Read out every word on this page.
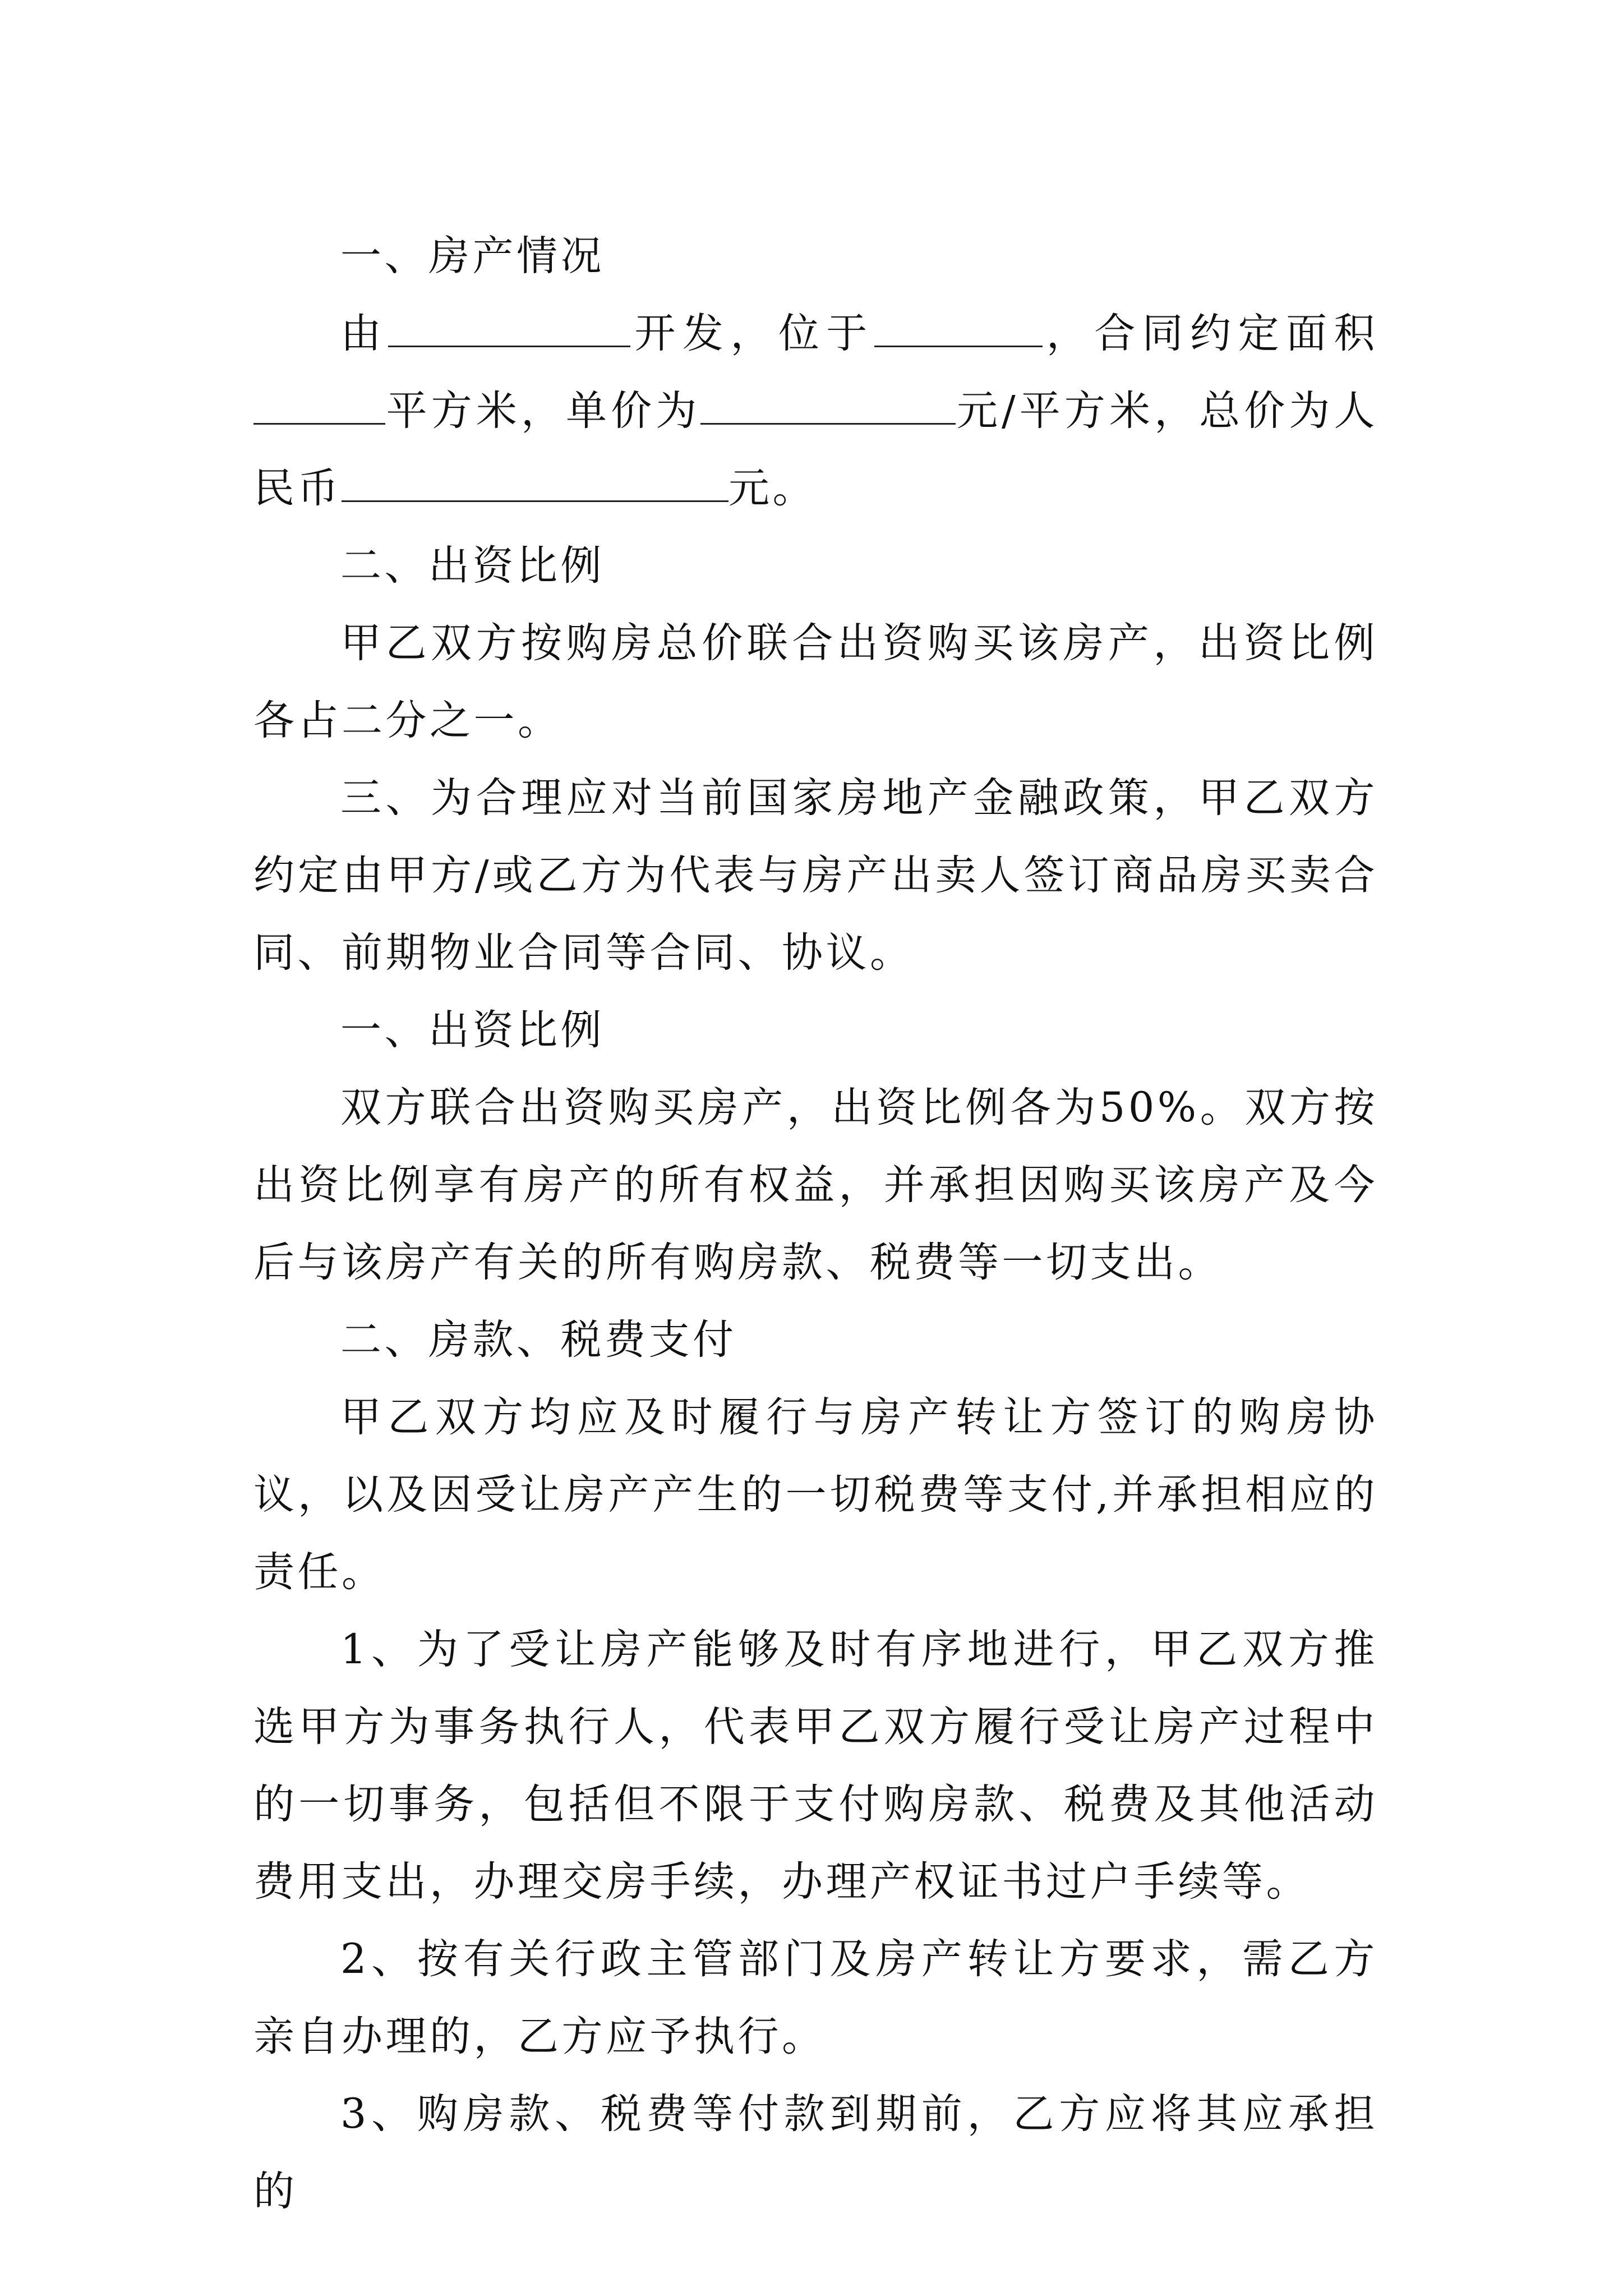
一、房产情况

由	开发，位于	，合同约定面积平方米，单价为	元/平方米，总价为人民币	元。

二、出资比例

甲乙双方按购房总价联合出资购买该房产，出资比例各占二分之一。

三、为合理应对当前国家房地产金融政策，甲乙双方约定由甲方/或乙方为代表与房产出卖人签订商品房买卖合同、前期物业合同等合同、协议。

一、出资比例

双方联合出资购买房产，出资比例各为50%。双方按出资比例享有房产的所有权益，并承担因购买该房产及今后与该房产有关的所有购房款、税费等一切支出。

二、房款、税费支付

甲乙双方均应及时履行与房产转让方签订的购房协议，以及因受让房产产生的一切税费等支付,并承担相应的责任。

1、为了受让房产能够及时有序地进行，甲乙双方推选甲方为事务执行人，代表甲乙双方履行受让房产过程中的一切事务，包括但不限于支付购房款、税费及其他活动费用支出，办理交房手续，办理产权证书过户手续等。

2、按有关行政主管部门及房产转让方要求，需乙方亲自办理的，乙方应予执行。

3、购房款、税费等付款到期前，乙方应将其应承担的
